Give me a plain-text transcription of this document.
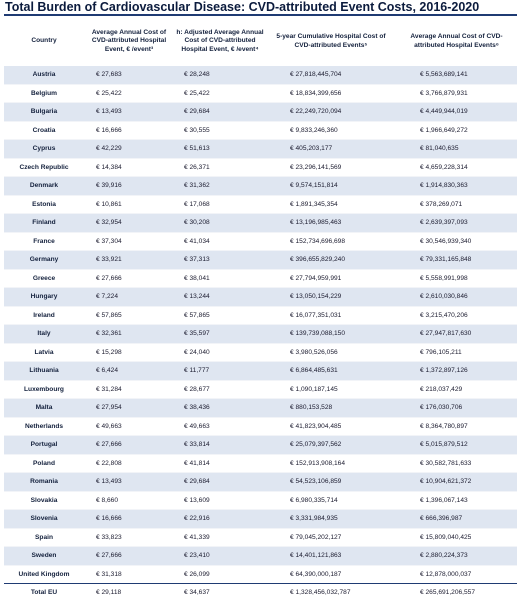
Total Burden of Cardiovascular Disease: CVD-attributed Event Costs, 2016-2020
Country	Average Annual Cost of CVD-attributed Hospital Event, € /event³	h: Adjusted Average Annual Cost of CVD-attributed Hospital Event, € /event⁴	5-year Cumulative Hospital Cost of CVD-attributed Events⁵	Average Annual Cost of CVD-attributed Hospital Events⁶
Austria	€ 27,683	€ 28,248	€ 27,818,445,704	€ 5,563,689,141
Belgium	€ 25,422	€ 25,422	€ 18,834,399,656	€ 3,766,879,931
Bulgaria	€ 13,493	€ 29,684	€ 22,249,720,094	€ 4,449,944,019
Croatia	€ 16,666	€ 30,555	€ 9,833,246,360	€ 1,966,649,272
Cyprus	€ 42,229	€ 51,613	€ 405,203,177	€ 81,040,635
Czech Republic	€ 14,384	€ 26,371	€ 23,296,141,569	€ 4,659,228,314
Denmark	€ 39,916	€ 31,362	€ 9,574,151,814	€ 1,914,830,363
Estonia	€ 10,861	€ 17,068	€ 1,891,345,354	€ 378,269,071
Finland	€ 32,954	€ 30,208	€ 13,196,985,463	€ 2,639,397,093
France	€ 37,304	€ 41,034	€ 152,734,696,698	€ 30,546,939,340
Germany	€ 33,921	€ 37,313	€ 396,655,829,240	€ 79,331,165,848
Greece	€ 27,666	€ 38,041	€ 27,794,959,991	€ 5,558,991,998
Hungary	€ 7,224	€ 13,244	€ 13,050,154,229	€ 2,610,030,846
Ireland	€ 57,865	€ 57,865	€ 16,077,351,031	€ 3,215,470,206
Italy	€ 32,361	€ 35,597	€ 139,739,088,150	€ 27,947,817,630
Latvia	€ 15,298	€ 24,040	€ 3,980,526,056	€ 796,105,211
Lithuania	€ 6,424	€ 11,777	€ 6,864,485,631	€ 1,372,897,126
Luxembourg	€ 31,284	€ 28,677	€ 1,090,187,145	€ 218,037,429
Malta	€ 27,954	€ 38,436	€ 880,153,528	€ 176,030,706
Netherlands	€ 49,663	€ 49,663	€ 41,823,904,485	€ 8,364,780,897
Portugal	€ 27,666	€ 33,814	€ 25,079,397,562	€ 5,015,879,512
Poland	€ 22,808	€ 41,814	€ 152,913,908,164	€ 30,582,781,633
Romania	€ 13,493	€ 29,684	€ 54,523,106,859	€ 10,904,621,372
Slovakia	€ 8,660	€ 13,609	€ 6,980,335,714	€ 1,396,067,143
Slovenia	€ 16,666	€ 22,916	€ 3,331,984,935	€ 666,396,987
Spain	€ 33,823	€ 41,339	€ 79,045,202,127	€ 15,809,040,425
Sweden	€ 27,666	€ 23,410	€ 14,401,121,863	€ 2,880,224,373
United Kingdom	€ 31,318	€ 26,099	€ 64,390,000,187	€ 12,878,000,037
Total EU	€ 29,118	€ 34,637	€ 1,328,456,032,787	€ 265,691,206,557
